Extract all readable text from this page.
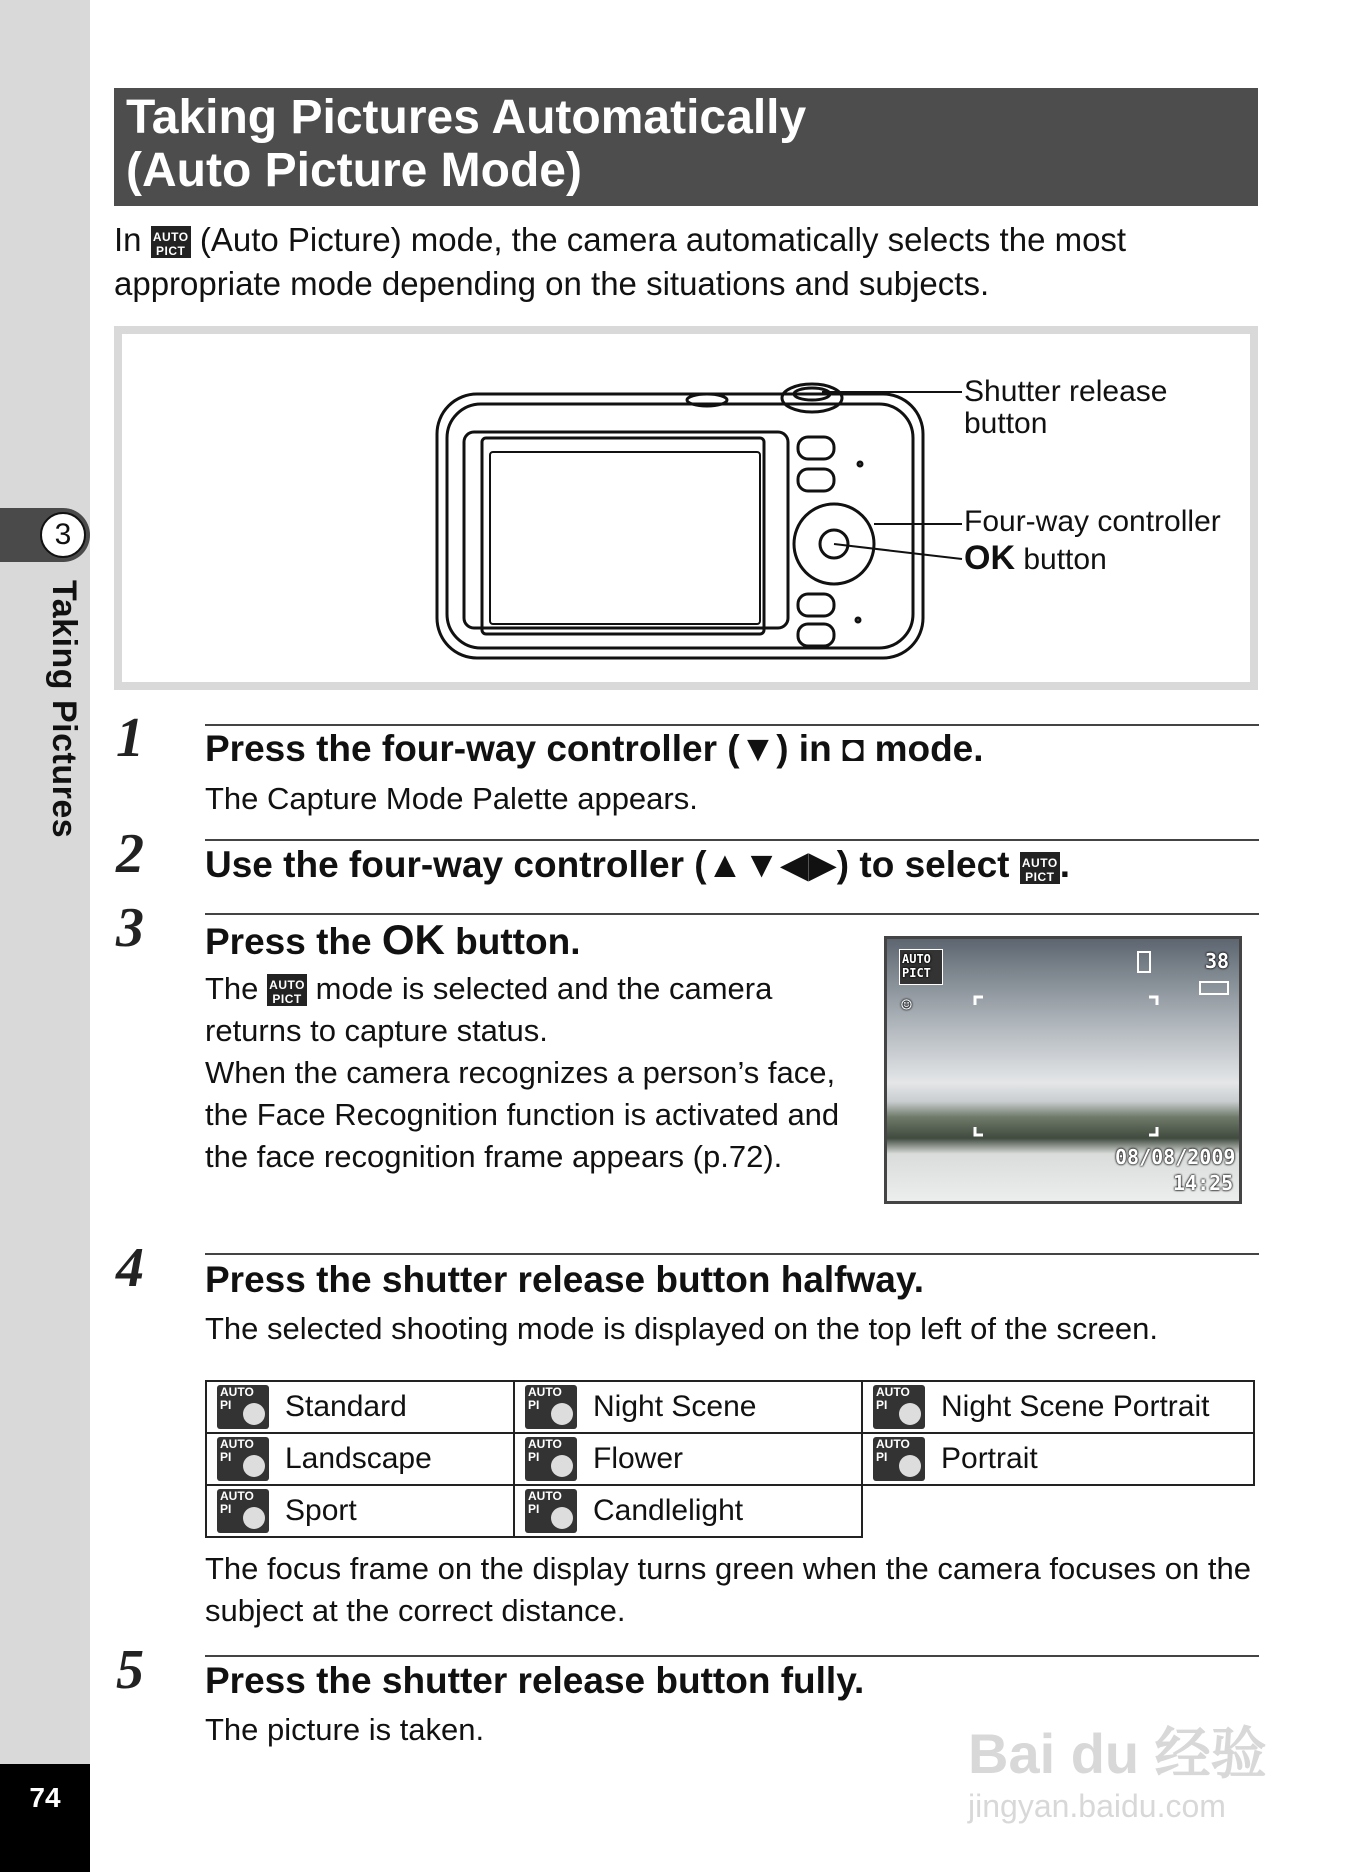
3
Taking Pictures
74
Taking Pictures Automatically
(Auto Picture Mode)
In AUTO
PICT (Auto Picture) mode, the camera automatically selects the most appropriate mode depending on the situations and subjects.
Shutter release
button
Four-way controller
OK button
1 Press the four-way controller (▼) in ◘ mode.
The Capture Mode Palette appears.
2 Use the four-way controller (▲▼◀▶) to select AUTO
PICT .
3 Press the OK button.
The AUTO
PICT mode is selected and the camera returns to capture status.
When the camera recognizes a person’s face, the Face Recognition function is activated and the face recognition frame appears (p.72).
AUTO
PICT
☺
38
08/08/2009
14:25
4 Press the shutter release button halfway.
The selected shooting mode is displayed on the top left of the screen.
AUTO
PI Standard	AUTO
PI Night Scene	AUTO
PI Night Scene Portrait

AUTO
PI Landscape	AUTO
PI Flower	AUTO
PI Portrait

AUTO
PI Sport	AUTO
PI Candlelight	

The focus frame on the display turns green when the camera focuses on the subject at the correct distance.
5 Press the shutter release button fully.
The picture is taken.	Bai du 经验
jingyan.baidu.com
